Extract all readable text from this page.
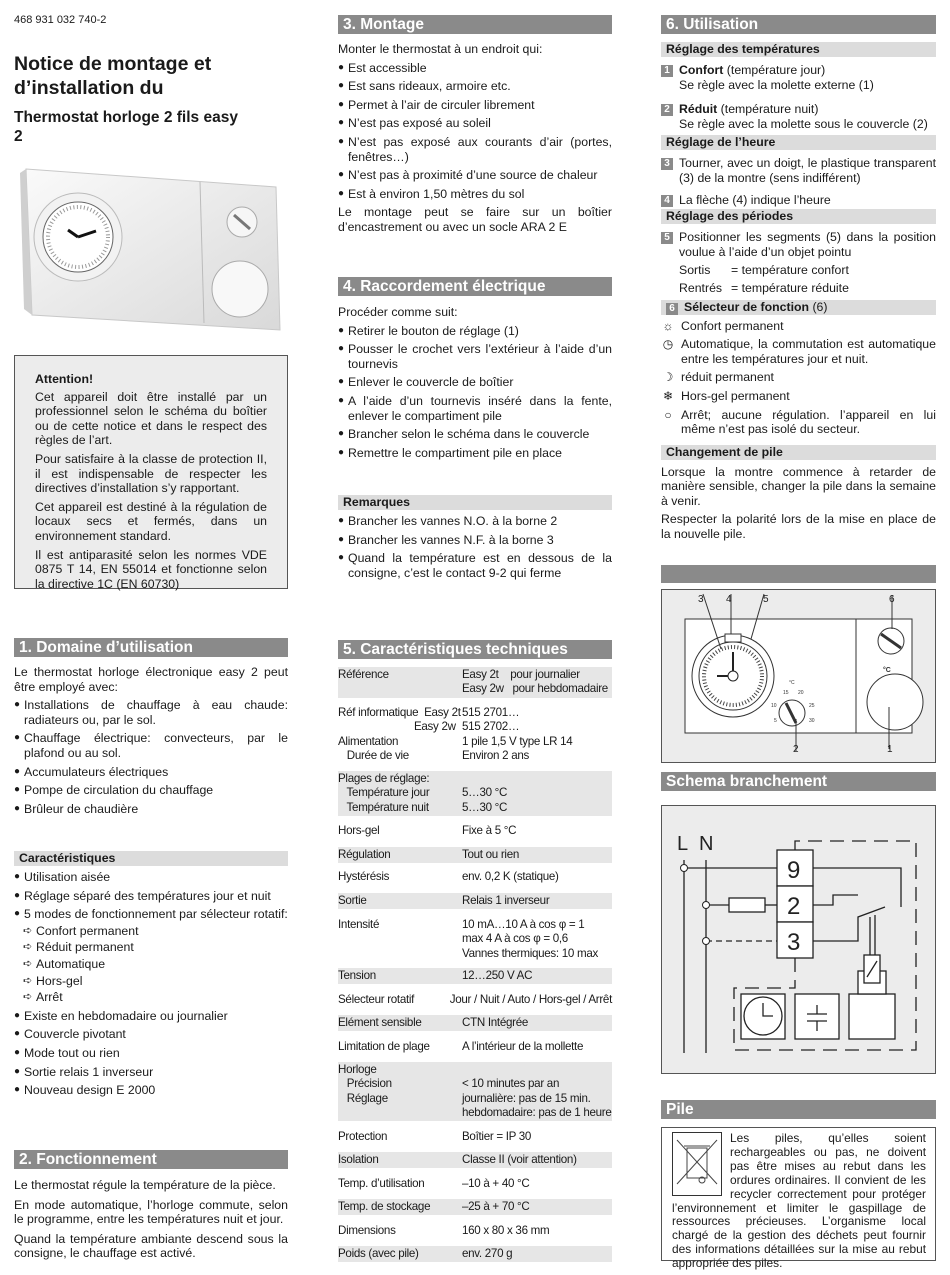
468 931 032 740-2
Notice de montage et d’installation du
Thermostat horloge 2 fils easy 2
Attention!

Cet appareil doit être installé par un professionnel selon le schéma du boîtier ou de cette notice et dans le respect des règles de l’art.

Pour satisfaire à la classe de protection II, il est indispensable de respecter les directives d’installation s’y rapportant.

Cet appareil est destiné à la régulation de locaux secs et fermés, dans un environnement standard.

Il est antiparasité selon les normes VDE 0875 T 14, EN 55014 et fonctionne selon la directive 1C (EN 60730)

1. Domaine d’utilisation

Le thermostat horloge électronique easy 2 peut être employé avec:

● Installations de chauffage à eau chaude: radiateurs ou, par le sol.
● Chauffage électrique: convecteurs, par le plafond ou au sol.
● Accumulateurs électriques
● Pompe de circulation du chauffage
● Brûleur de chaudière
Caractéristiques
● Utilisation aisée
● Réglage séparé des températures jour et nuit
● 5 modes de fonctionnement par sélecteur rotatif:
➪ Confort permanent
➪ Réduit permanent
➪ Automatique
➪ Hors-gel
➪ Arrêt
● Existe en hebdomadaire ou journalier
● Couvercle pivotant
● Mode tout ou rien
● Sortie relais 1 inverseur
● Nouveau design E 2000
2. Fonctionnement

Le thermostat régule la température de la pièce.

En mode automatique, l’horloge commute, selon le programme, entre les températures nuit et jour.

Quand la température ambiante descend sous la consigne, le chauffage est activé.

3. Montage

Monter le thermostat à un endroit qui:

● Est accessible
● Est sans rideaux, armoire etc.
● Permet à l’air de circuler librement
● N’est pas exposé au soleil
● N’est pas exposé aux courants d’air (portes, fenêtres…)
● N’est pas à proximité d’une source de chaleur
● Est à environ 1,50 mètres du sol

Le montage peut se faire sur un boîtier d’encastrement ou avec un socle ARA 2 E

4. Raccordement électrique

Procéder comme suit:

● Retirer le bouton de réglage (1)
● Pousser le crochet vers l’extérieur à l’aide d’un tournevis
● Enlever le couvercle de boîtier
● A l’aide d’un tournevis inséré dans la fente, enlever le compartiment pile
● Brancher selon le schéma dans le couvercle
● Remettre le compartiment pile en place
Remarques
● Brancher les vannes N.O. à la borne 2
● Brancher les vannes N.F. à la borne 3
● Quand la température est en dessous de la consigne, c’est le contact 9-2 qui ferme
5. Caractéristiques techniques
Référence	Easy 2t    pour journalier
Easy 2w   pour hebdomadaire
Réf informatique  Easy 2t 515 2701…
Easy 2w 515 2702…
Alimentation	1 pile 1,5 V type LR 14
Durée de vie	Environ 2 ans
Plages de réglage:
Température jour	5…30 °C
Température nuit	5…30 °C
Hors-gel	Fixe à 5 °C
Régulation	Tout ou rien
Hystérésis	env. 0,2 K (statique)
Sortie	Relais 1 inverseur
Intensité	10 mA…10 A à cos φ = 1
max 4 A à cos φ = 0,6
Vannes thermiques: 10 max
Tension	12…250 V AC
Sélecteur rotatif	Jour / Nuit / Auto / Hors-gel / Arrêt
Elément sensible	CTN Intégrée
Limitation de plage	A l’intérieur de la mollette
Horloge
Précision	< 10 minutes par an
Réglage	journalière: pas de 15 min.
hebdomadaire: pas de 1 heure
Protection	Boîtier = IP 30
Isolation	Classe II (voir attention)
Temp. d’utilisation	–10 à + 40 °C
Temp. de stockage	–25 à + 70 °C
Dimensions	160 x 80 x 36 mm
Poids (avec pile)	env. 270 g
6. Utilisation
Réglage des températures
1 Confort (température jour)
Se règle avec la molette externe (1)
2 Réduit (température nuit)
Se règle avec la molette sous le couvercle (2)
Réglage de l’heure
3 Tourner, avec un doigt, le plastique transparent (3) de la montre (sens indifférent)
4 La flèche (4) indique l’heure
Réglage des périodes
5 Positionner les segments (5) dans la position voulue à l’aide d’un objet pointu
Sortis	= température confort
Rentrés = température réduite
6 Sélecteur de fonction (6)
☼ Confort permanent
◷ Automatique, la commutation est automatique entre les températures jour et nuit.
☽ réduit permanent
❄ Hors-gel permanent
○ Arrêt; aucune régulation. l’appareil en lui même n’est pas isolé du secteur.
Changement de pile

Lorsque la montre commence à retarder de manière sensible, changer la pile dans la semaine à venir.

Respecter la polarité lors de la mise en place de la nouvelle pile.

3 4	5	6
2	1
5
10
15 20
25
30
°C
°C
Schema branchement
L N
9
2
3
Pile

Les piles, qu’elles soient rechargeables ou pas, ne doivent pas être mises au rebut dans les ordures ordinaires. Il convient de les recycler correctement pour protéger l’environnement et limiter le gaspillage de ressources précieuses. L’organisme local chargé de la gestion des déchets peut fournir des informations détaillées sur la mise au rebut appropriée des piles.
